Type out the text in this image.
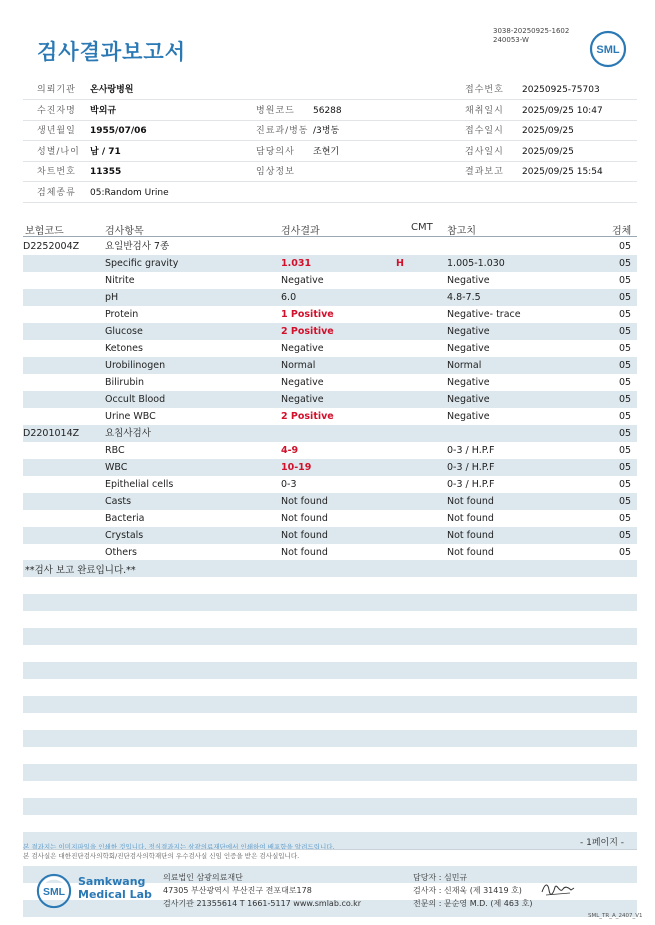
3038-20250925-1602
240053-W
검사결과보고서	SML
의뢰기관 온사랑병원	접수번호 20250925-75703
수진자명 박외규	병원코드 56288	채취일시 2025/09/25 10:47
생년월일 1955/07/06	진료과/병동 /3병동	접수일시 2025/09/25
성별/나이 남 / 71	담당의사 조현기	검사일시 2025/09/25
차트번호 11355	임상정보	결과보고 2025/09/25 15:54
검체종류 05:Random Urine
보험코드	검사항목	검사결과	CMT 참고치	검체
D2252004Z	요일반검사 7종	05
Specific gravity	1.031	H	1.005-1.030	05
Nitrite	Negative	Negative	05
pH	6.0	4.8-7.5	05
Protein	1 Positive	Negative- trace	05
Glucose	2 Positive	Negative	05
Ketones	Negative	Negative	05
Urobilinogen	Normal	Normal	05
Bilirubin	Negative	Negative	05
Occult Blood	Negative	Negative	05
Urine WBC	2 Positive	Negative	05
D2201014Z	요침사검사	05
RBC	4-9	0-3 / H.P.F	05
WBC	10-19	0-3 / H.P.F	05
Epithelial cells	0-3	0-3 / H.P.F	05
Casts	Not found	Not found	05
Bacteria	Not found	Not found	05
Crystals	Not found	Not found	05
Others	Not found	Not found	05
**검사 보고 완료입니다.**
- 1페이지 -
본 결과지는 이미지파일을 인쇄한 것입니다. 정식결과지는 삼광의료재단에서 인쇄하여 배포함을 알려드립니다.
본 검사실은 대한진단검사의학회/진단검사의학재단의 우수검사실 신임 인증을 받은 검사실입니다.
SML
Samkwang
Medical Lab
의료법인 삼광의료재단
47305 부산광역시 부산진구 전포대로178
검사기관 21355614 T 1661-5117 www.smlab.co.kr
담당자 : 심민규
검사자 : 신재욱 (제 31419 호)
전문의 : 문순영 M.D. (제 463 호)
SML_TR_A_2407_V1
